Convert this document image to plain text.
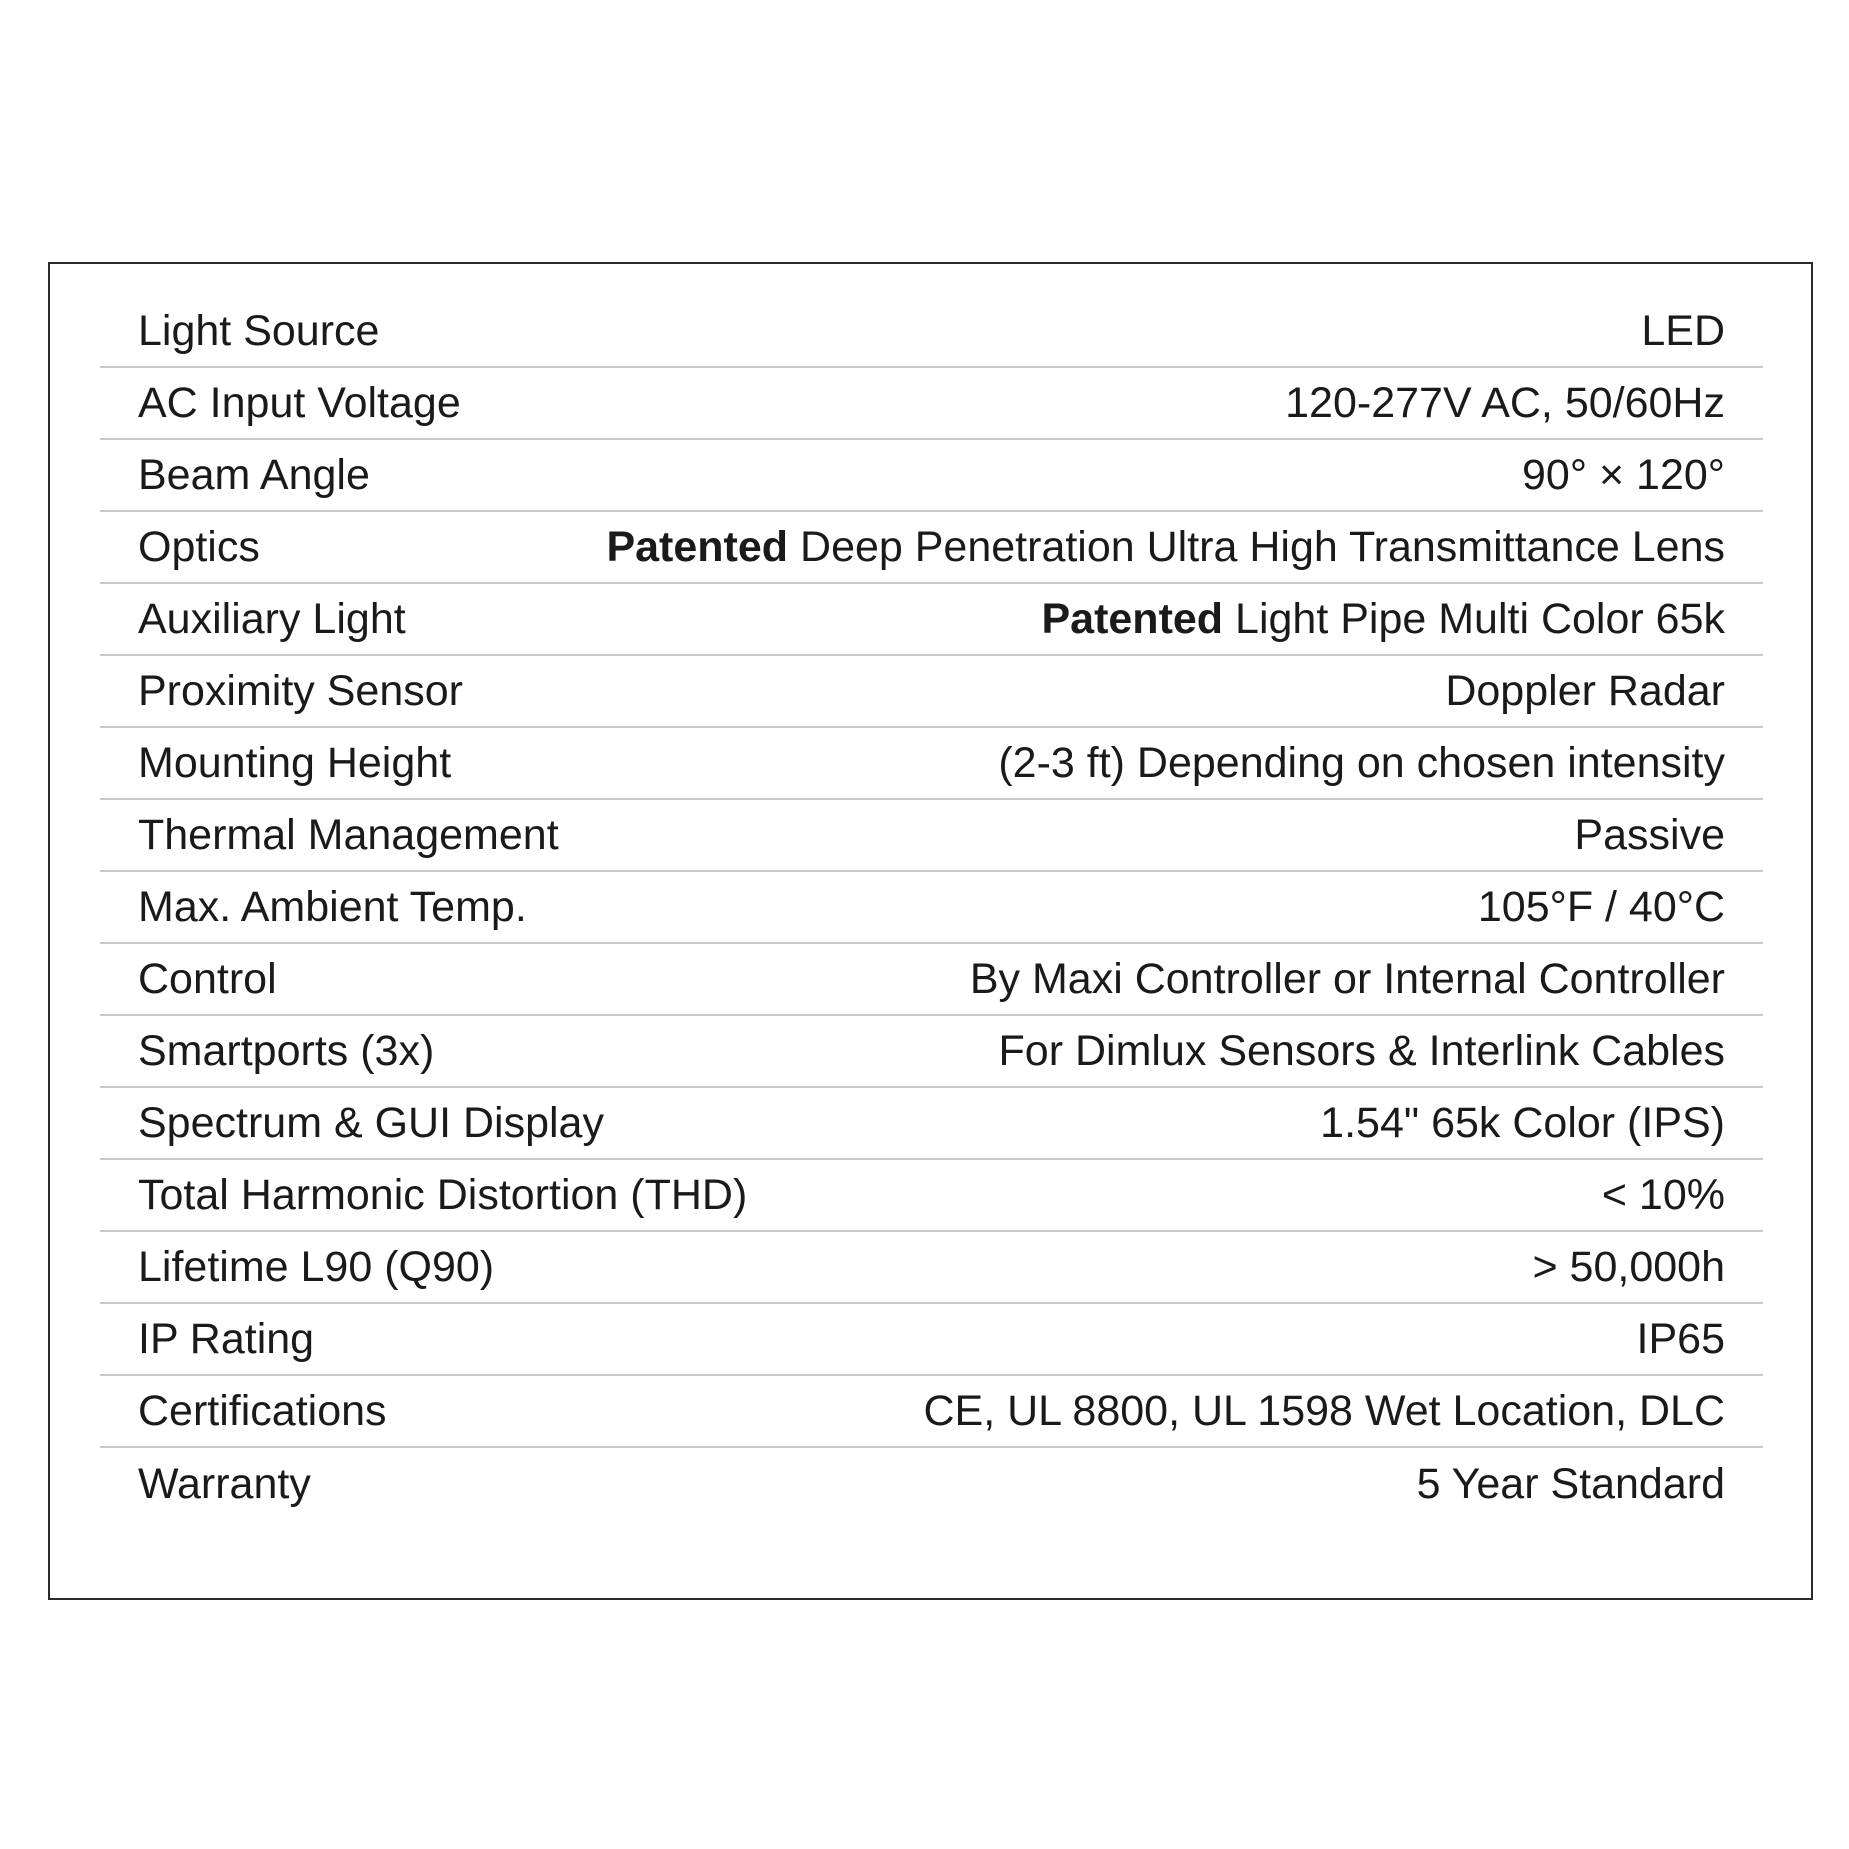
Light Source	LED
AC Input Voltage	120-277V AC, 50/60Hz
Beam Angle	90° × 120°
Optics	Patented Deep Penetration Ultra High Transmittance Lens
Auxiliary Light	Patented Light Pipe Multi Color 65k
Proximity Sensor	Doppler Radar
Mounting Height	(2-3 ft) Depending on chosen intensity
Thermal Management	Passive
Max. Ambient Temp.	105°F / 40°C
Control	By Maxi Controller or Internal Controller
Smartports (3x)	For Dimlux Sensors & Interlink Cables
Spectrum & GUI Display	1.54" 65k Color (IPS)
Total Harmonic Distortion (THD)	< 10%
Lifetime L90 (Q90)	> 50,000h
IP Rating	IP65
Certifications	CE, UL 8800, UL 1598 Wet Location, DLC
Warranty	5 Year Standard
